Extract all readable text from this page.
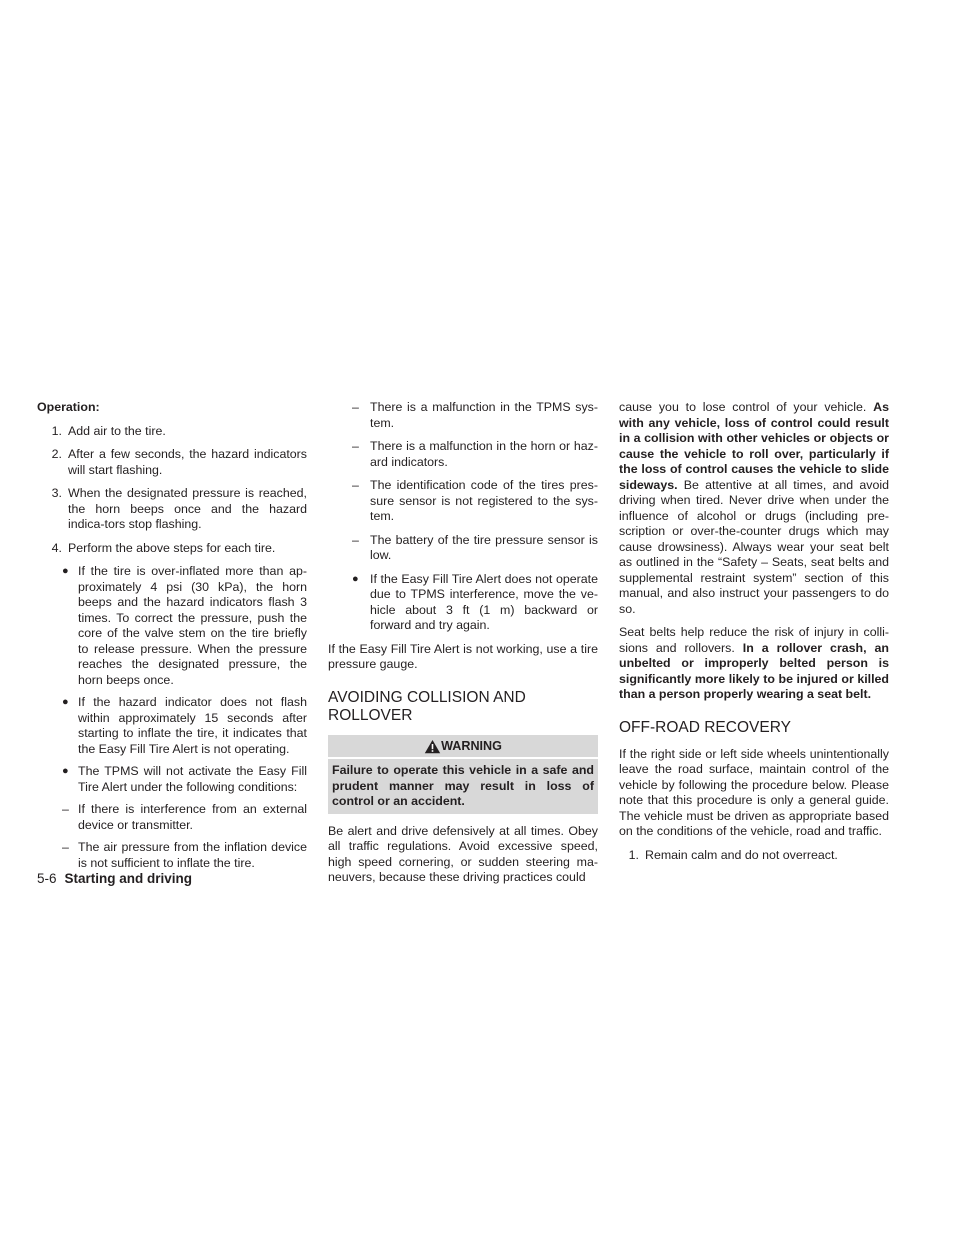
Operation:
1. Add air to the tire.
2. After a few seconds, the hazard indicators will start flashing.
3. When the designated pressure is reached, the horn beeps once and the hazard indica-tors stop flashing.
4. Perform the above steps for each tire.
● If the tire is over-inflated more than ap-proximately 4 psi (30 kPa), the horn beeps and the hazard indicators flash 3 times. To correct the pressure, push the core of the valve stem on the tire briefly to release pressure. When the pressure reaches the designated pressure, the horn beeps once.
● If the hazard indicator does not flash within approximately 15 seconds after starting to inflate the tire, it indicates that the Easy Fill Tire Alert is not operating.
● The TPMS will not activate the Easy Fill Tire Alert under the following conditions:
– If there is interference from an external device or transmitter.
– The air pressure from the inflation device is not sufficient to inflate the tire.
– There is a malfunction in the TPMS sys-tem.
– There is a malfunction in the horn or haz-ard indicators.
– The identification code of the tires pres-sure sensor is not registered to the sys-tem.
– The battery of the tire pressure sensor is low.
● If the Easy Fill Tire Alert does not operate due to TPMS interference, move the ve-hicle about 3 ft (1 m) backward or forward and try again.

If the Easy Fill Tire Alert is not working, use a tire pressure gauge.

AVOIDING COLLISION AND ROLLOVER
WARNING
Failure to operate this vehicle in a safe and prudent manner may result in loss of control or an accident.

Be alert and drive defensively at all times. Obey all traffic regulations. Avoid excessive speed, high speed cornering, or sudden steering ma-neuvers, because these driving practices could

cause you to lose control of your vehicle. As with any vehicle, loss of control could result in a collision with other vehicles or objects or cause the vehicle to roll over, particularly if the loss of control causes the vehicle to slide sideways. Be attentive at all times, and avoid driving when tired. Never drive when under the influence of alcohol or drugs (including pre-scription or over-the-counter drugs which may cause drowsiness). Always wear your seat belt as outlined in the “Safety – Seats, seat belts and supplemental restraint system” section of this manual, and also instruct your passengers to do so.

Seat belts help reduce the risk of injury in colli-sions and rollovers. In a rollover crash, an unbelted or improperly belted person is significantly more likely to be injured or killed than a person properly wearing a seat belt.

OFF-ROAD RECOVERY

If the right side or left side wheels unintentionally leave the road surface, maintain control of the vehicle by following the procedure below. Please note that this procedure is only a general guide. The vehicle must be driven as appropriate based on the conditions of the vehicle, road and traffic.

1. Remain calm and do not overreact.
5-6 Starting and driving
